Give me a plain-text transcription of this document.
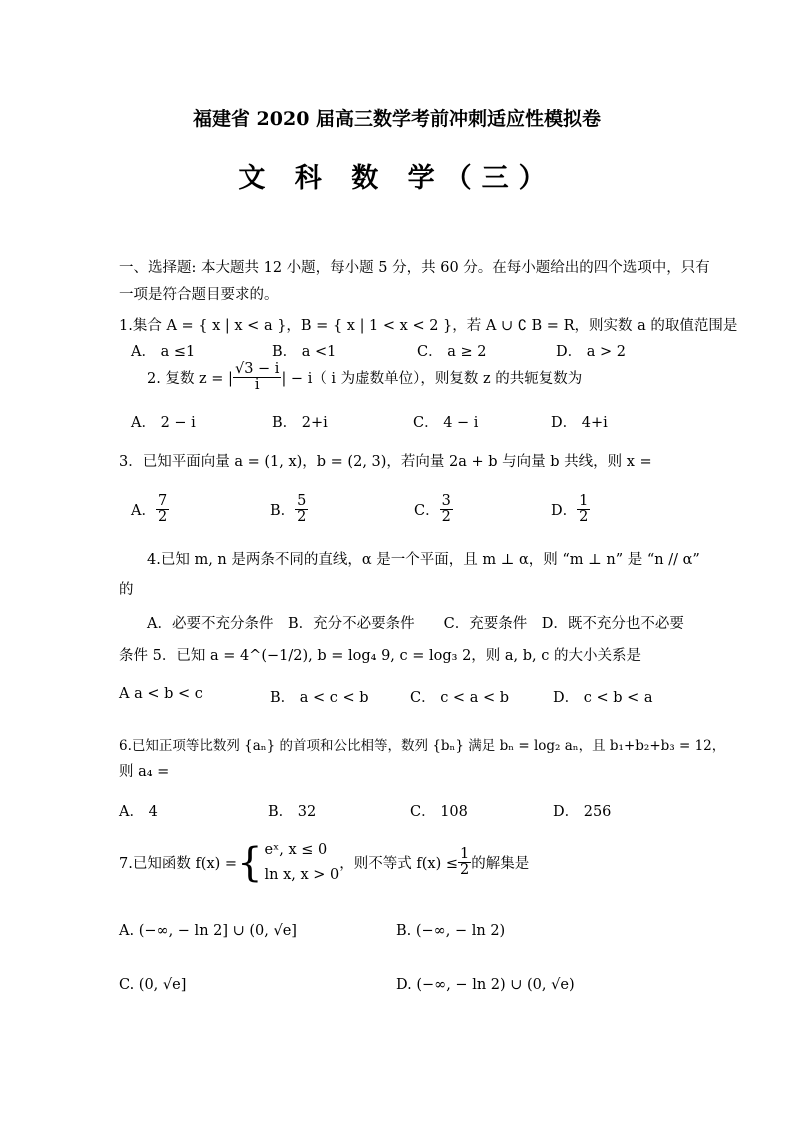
福建省 2020 届高三数学考前冲刺适应性模拟卷
文 科 数 学（三）
一、选择题: 本大题共 12 小题，每小题 5 分，共 60 分。在每小题给出的四个选项中，只有
一项是符合题目要求的。
1.集合 A = { x | x < a }，B = { x | 1 < x < 2 }，若 A ∪ ∁ B = R，则实数 a 的取值范围是
A． a ≤1	B． a <1	C． a ≥ 2	D． a > 2
2. 复数 z = | $\frac{√3 - i}{i}$ | − i（ i 为虚数单位），则复数 z 的共轭复数为
A． 2 − i	B． 2+i	C． 4 − i	D． 4+i
3．已知平面向量 a = (1, x)，b = (2, 3)，若向量 2a + b 与向量 b 共线，则 x =
A． $\frac{7}{2}$	B． $\frac{5}{2}$	C． $\frac{3}{2}$	D． $\frac{1}{2}$
4.已知 m, n 是两条不同的直线，α 是一个平面，且 m ⊥ α，则 “m ⊥ n” 是 “n // α”
的
A．必要不充分条件　B．充分不必要条件　　C．充要条件　D．既不充分也不必要
条件 5．已知 a = 4^(−1/2), b = log₄ 9, c = log₃ 2，则 a, b, c 的大小关系是
A a < b < c	B． a < c < b	C． c < a < b	D． c < b < a
6.已知正项等比数列 {aₙ} 的首项和公比相等，数列 {bₙ} 满足 bₙ = log₂ aₙ，且 b₁+b₂+b₃ = 12，
则 a₄ =
A． 4	B． 32	C． 108	D． 256
7.已知函数 f(x) = { eˣ, x ≤ 0
ln x, x > 0
，则不等式 $f(x) \le \frac{1}{2}$ 的解集是
A. (−∞, − ln 2] ∪ (0, √e]	B. (−∞, − ln 2)
C. (0, √e]	D. (−∞, − ln 2) ∪ (0, √e)
